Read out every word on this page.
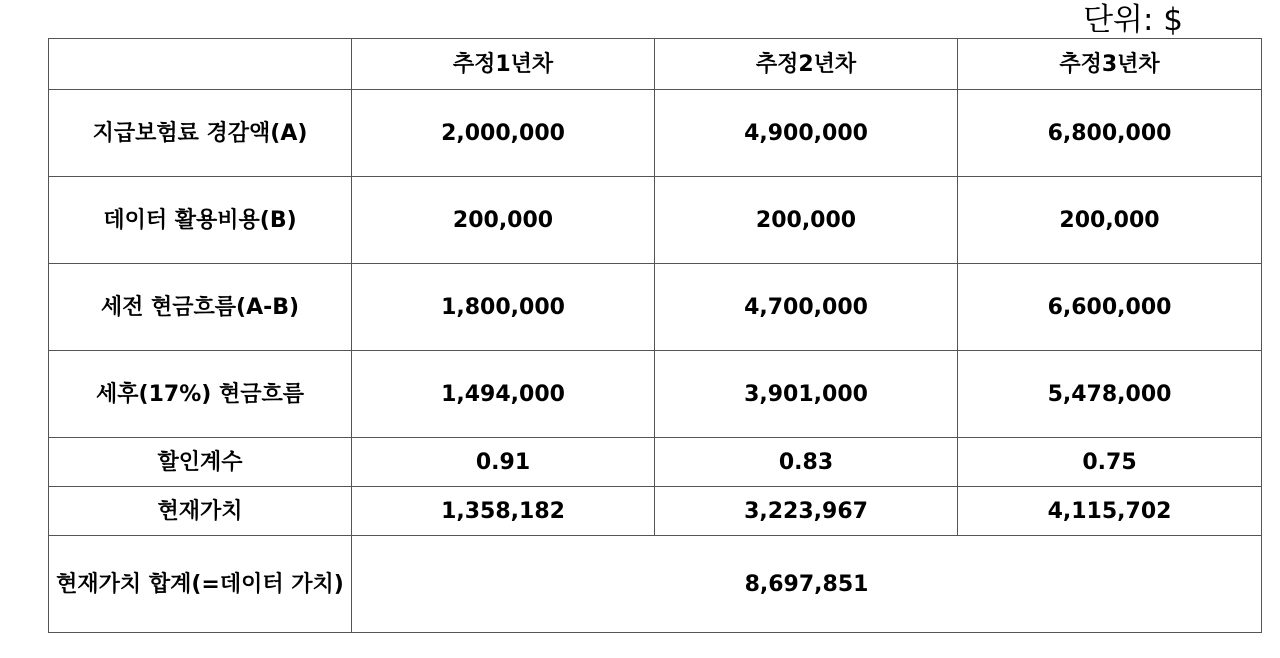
단위: $
	추정1년차	추정2년차	추정3년차
지급보험료 경감액(A)	2,000,000	4,900,000	6,800,000
데이터 활용비용(B)	200,000	200,000	200,000
세전 현금흐름(A-B)	1,800,000	4,700,000	6,600,000
세후(17%) 현금흐름	1,494,000	3,901,000	5,478,000
할인계수	0.91	0.83	0.75
현재가치	1,358,182	3,223,967	4,115,702
현재가치 합계(=데이터 가치)	8,697,851		
